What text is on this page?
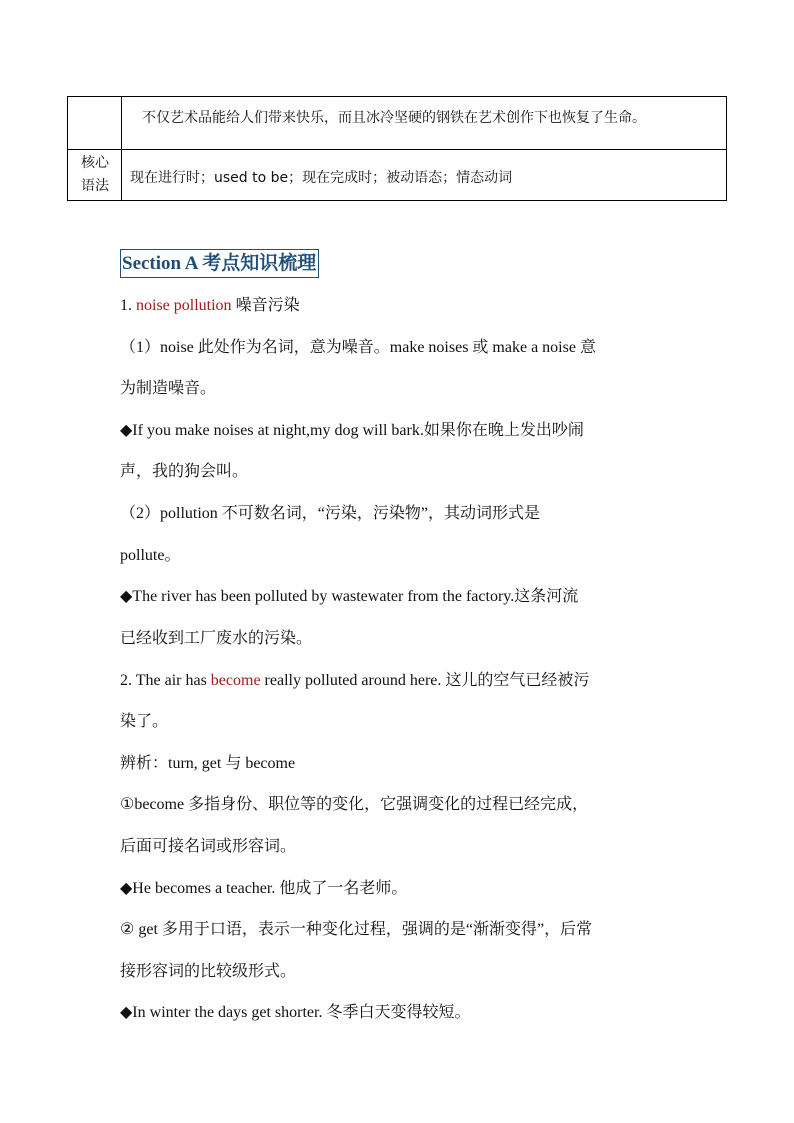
不仅艺术品能给人们带来快乐，而且冰冷坚硬的钢铁在艺术创作下也恢复了生命。
核心
语法	现在进行时；used to be；现在完成时；被动语态；情态动词
Section A 考点知识梳理
1. noise pollution 噪音污染
（1）noise 此处作为名词，意为噪音。make noises 或 make a noise 意
为制造噪音。
◆If you make noises at night,my dog will bark.如果你在晚上发出吵闹
声，我的狗会叫。
（2）pollution 不可数名词，“污染，污染物”，其动词形式是
pollute。
◆The river has been polluted by wastewater from the factory.这条河流
已经收到工厂废水的污染。
2. The air has become really polluted around here. 这儿的空气已经被污
染了。
辨析：turn, get 与 become
①become 多指身份、职位等的变化，它强调变化的过程已经完成，
后面可接名词或形容词。
◆He becomes a teacher. 他成了一名老师。
② get 多用于口语，表示一种变化过程，强调的是“渐渐变得”，后常
接形容词的比较级形式。
◆In winter the days get shorter. 冬季白天变得较短。
